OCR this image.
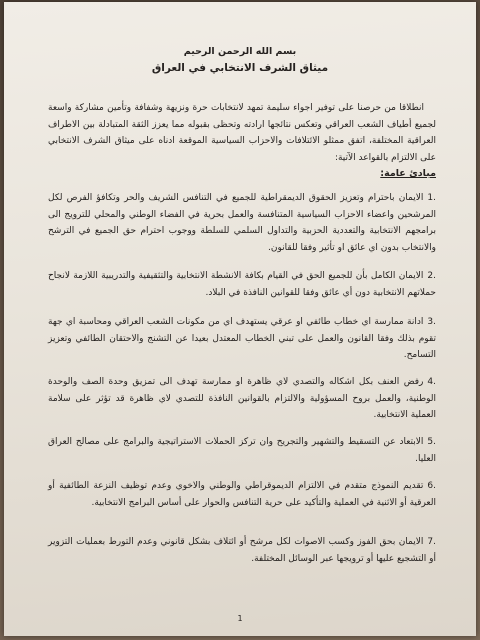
بسم الله الرحمن الرحيم
ميثاق الشرف الانتخابي في العراق
انطلاقا من حرصنا على توفير اجواء سليمة تمهد لانتخابات حرة ونزيهة وشفافة وتأمين مشاركة واسعة لجميع أطياف الشعب العراقي وتعكس نتائجها ارادته وتحظى بقبوله مما يعزز الثقة المتبادلة بين الاطراف العراقية المختلفة، اتفق ممثلو الائتلافات والاحزاب السياسية الموقعة ادناه على ميثاق الشرف الانتخابي على الالتزام بالقواعد الآتية:
مبادئ عامة:
.1الايمان باحترام وتعزيز الحقوق الديمقراطية للجميع في التنافس الشريف والحر وتكافؤ الفرص لكل المرشحين واعضاء الاحزاب السياسية المتنافسة والعمل بحرية في الفضاء الوطني والمحلي للترويج الى برامجهم الانتخابية والتعددية الحزبية والتداول السلمي للسلطة ووجوب احترام حق الجميع في الترشح والانتخاب بدون اي عائق او تأثير وفقا للقانون.
.2الايمان الكامل بأن للجميع الحق في القيام بكافة الانشطة الانتخابية والتثقيفية والتدريبية اللازمة لانجاح حملاتهم الانتخابية دون أي عائق وفقا للقوانين النافذة في البلاد.
.3ادانة ممارسة اي خطاب طائفي او عرقي يستهدف اي من مكونات الشعب العراقي ومحاسبة اي جهة تقوم بذلك وفقا القانون والعمل على تبني الخطاب المعتدل بعيدا عن التشنج والاحتقان الطائفي وتعزيز التسامح.
.4رفض العنف بكل اشكاله والتصدي لاي ظاهرة او ممارسة تهدف الى تمزيق وحدة الصف والوحدة الوطنية، والعمل بروح المسؤولية والالتزام بالقوانين النافذة للتصدي لاي ظاهرة قد تؤثر على سلامة العملية الانتخابية.
.5الابتعاد عن التسقيط والتشهير والتجريح وان تركز الحملات الاستراتيجية والبرامج على مصالح العراق العليا.
.6تقديم النموذج متقدم في الالتزام الديموقراطي والوطني والاخوي وعدم توظيف النزعة الطائفية أو العرقية أو الاثنية في العملية والتأكيد على حرية التنافس والحوار على أساس البرامج الانتخابية.
.7الايمان بحق الفوز وكسب الاصوات لكل مرشح أو ائتلاف بشكل قانوني وعدم التورط بعمليات التزوير أو التشجيع عليها أو ترويجها عبر الوسائل المختلفة.
1
